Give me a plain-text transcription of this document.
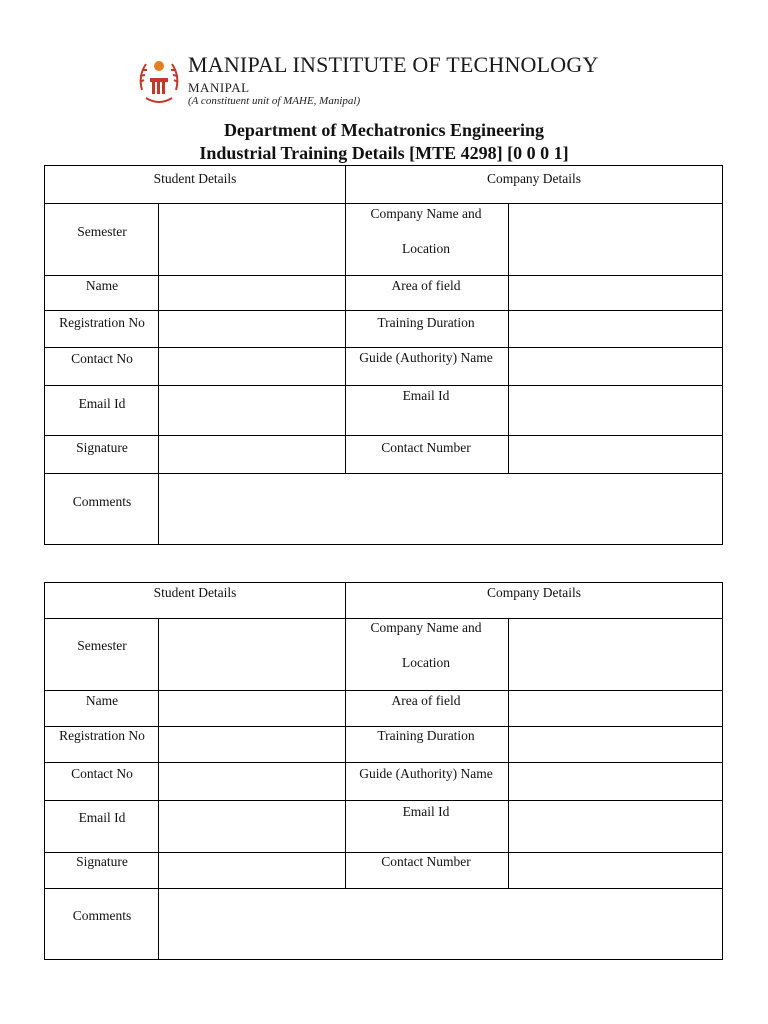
MANIPAL INSTITUTE OF TECHNOLOGY
MANIPAL
(A constituent unit of MAHE, Manipal)
Department of Mechatronics Engineering
Industrial Training Details [MTE 4298] [0 0 0 1]
Student Details	Company Details
Semester
Name
Registration No
Contact No
Email Id
Signature
Comments
Company Name and
Location
Area of field
Training Duration
Guide (Authority) Name
Email Id
Contact Number
Student Details	Company Details
Semester
Name
Registration No
Contact No
Email Id
Signature
Comments
Company Name and
Location
Area of field
Training Duration
Guide (Authority) Name
Email Id
Contact Number
